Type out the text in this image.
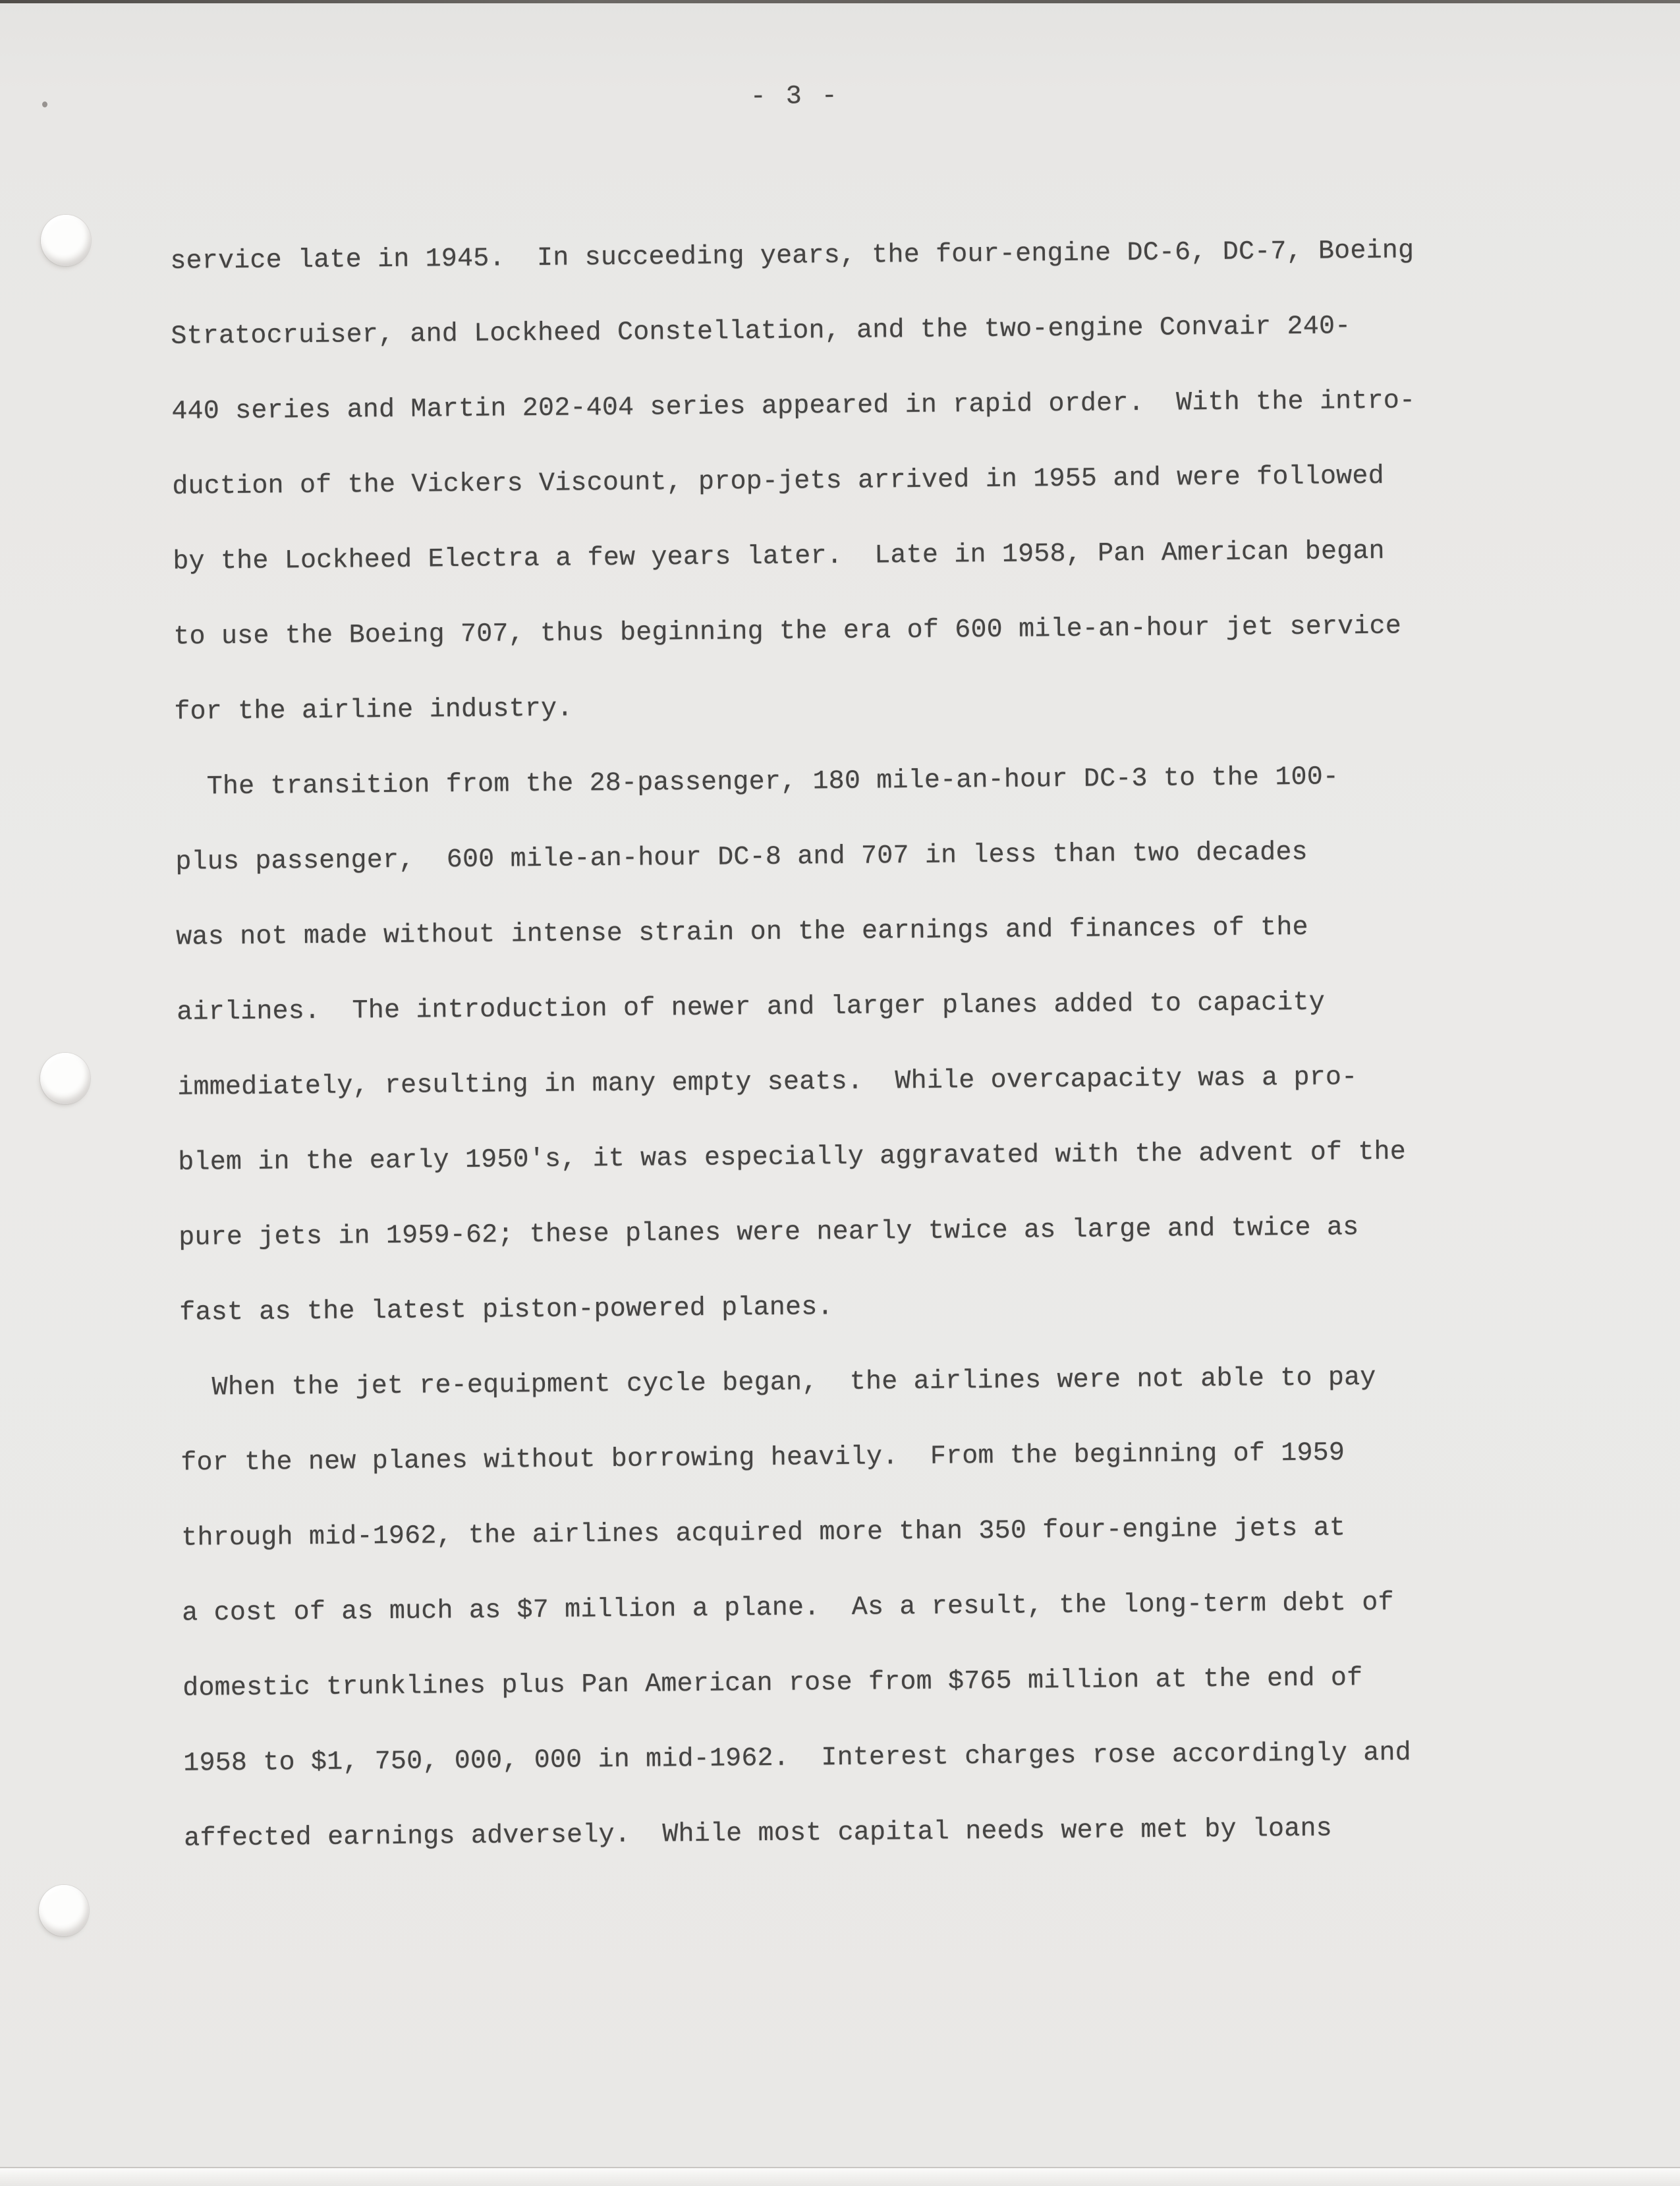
- 3 -
service late in 1945.  In succeeding years, the four-engine DC-6, DC-7, Boeing
Stratocruiser, and Lockheed Constellation, and the two-engine Convair 240-
440 series and Martin 202-404 series appeared in rapid order.  With the intro-
duction of the Vickers Viscount, prop-jets arrived in 1955 and were followed
by the Lockheed Electra a few years later.  Late in 1958, Pan American began
to use the Boeing 707, thus beginning the era of 600 mile-an-hour jet service
for the airline industry.
The transition from the 28-passenger, 180 mile-an-hour DC-3 to the 100-
plus passenger,  600 mile-an-hour DC-8 and 707 in less than two decades
was not made without intense strain on the earnings and finances of the
airlines.  The introduction of newer and larger planes added to capacity
immediately, resulting in many empty seats.  While overcapacity was a pro-
blem in the early 1950's, it was especially aggravated with the advent of the
pure jets in 1959-62; these planes were nearly twice as large and twice as
fast as the latest piston-powered planes.
When the jet re-equipment cycle began,  the airlines were not able to pay
for the new planes without borrowing heavily.  From the beginning of 1959
through mid-1962, the airlines acquired more than 350 four-engine jets at
a cost of as much as $7 million a plane.  As a result, the long-term debt of
domestic trunklines plus Pan American rose from $765 million at the end of
1958 to $1, 750, 000, 000 in mid-1962.  Interest charges rose accordingly and
affected earnings adversely.  While most capital needs were met by loans
